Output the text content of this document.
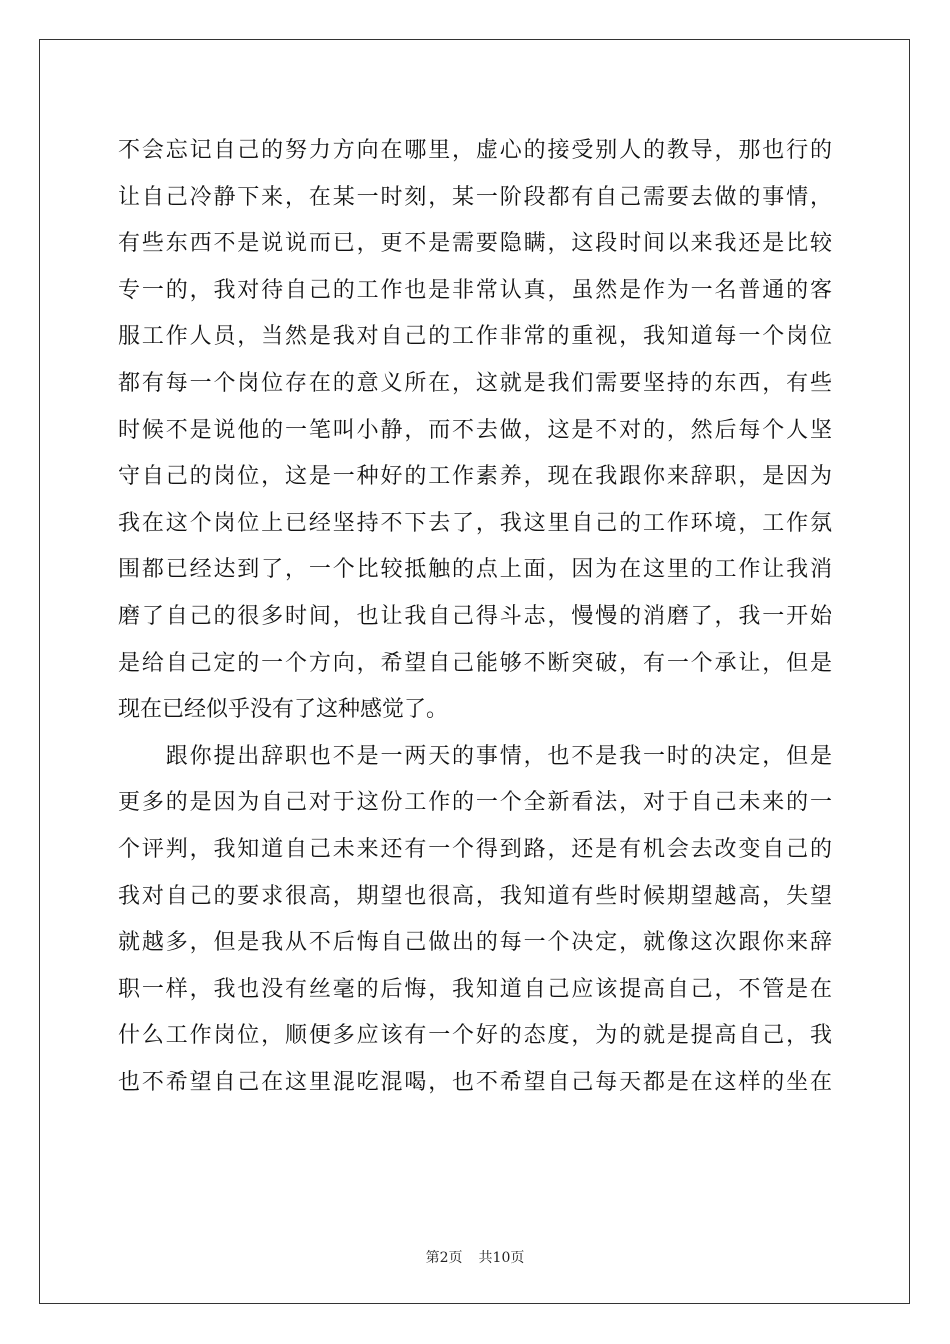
不会忘记自己的努力方向在哪里，虚心的接受别人的教导，那也行的
让自己冷静下来，在某一时刻，某一阶段都有自己需要去做的事情，
有些东西不是说说而已，更不是需要隐瞒，这段时间以来我还是比较
专一的，我对待自己的工作也是非常认真，虽然是作为一名普通的客
服工作人员，当然是我对自己的工作非常的重视，我知道每一个岗位
都有每一个岗位存在的意义所在，这就是我们需要坚持的东西，有些
时候不是说他的一笔叫小静，而不去做，这是不对的，然后每个人坚
守自己的岗位，这是一种好的工作素养，现在我跟你来辞职，是因为
我在这个岗位上已经坚持不下去了，我这里自己的工作环境，工作氛
围都已经达到了，一个比较抵触的点上面，因为在这里的工作让我消
磨了自己的很多时间，也让我自己得斗志，慢慢的消磨了，我一开始
是给自己定的一个方向，希望自己能够不断突破，有一个承让，但是
现在已经似乎没有了这种感觉了。
　　跟你提出辞职也不是一两天的事情，也不是我一时的决定，但是
更多的是因为自己对于这份工作的一个全新看法，对于自己未来的一
个评判，我知道自己未来还有一个得到路，还是有机会去改变自己的
我对自己的要求很高，期望也很高，我知道有些时候期望越高，失望
就越多，但是我从不后悔自己做出的每一个决定，就像这次跟你来辞
职一样，我也没有丝毫的后悔，我知道自己应该提高自己，不管是在
什么工作岗位，顺便多应该有一个好的态度，为的就是提高自己，我
也不希望自己在这里混吃混喝，也不希望自己每天都是在这样的坐在
第2页 共10页
